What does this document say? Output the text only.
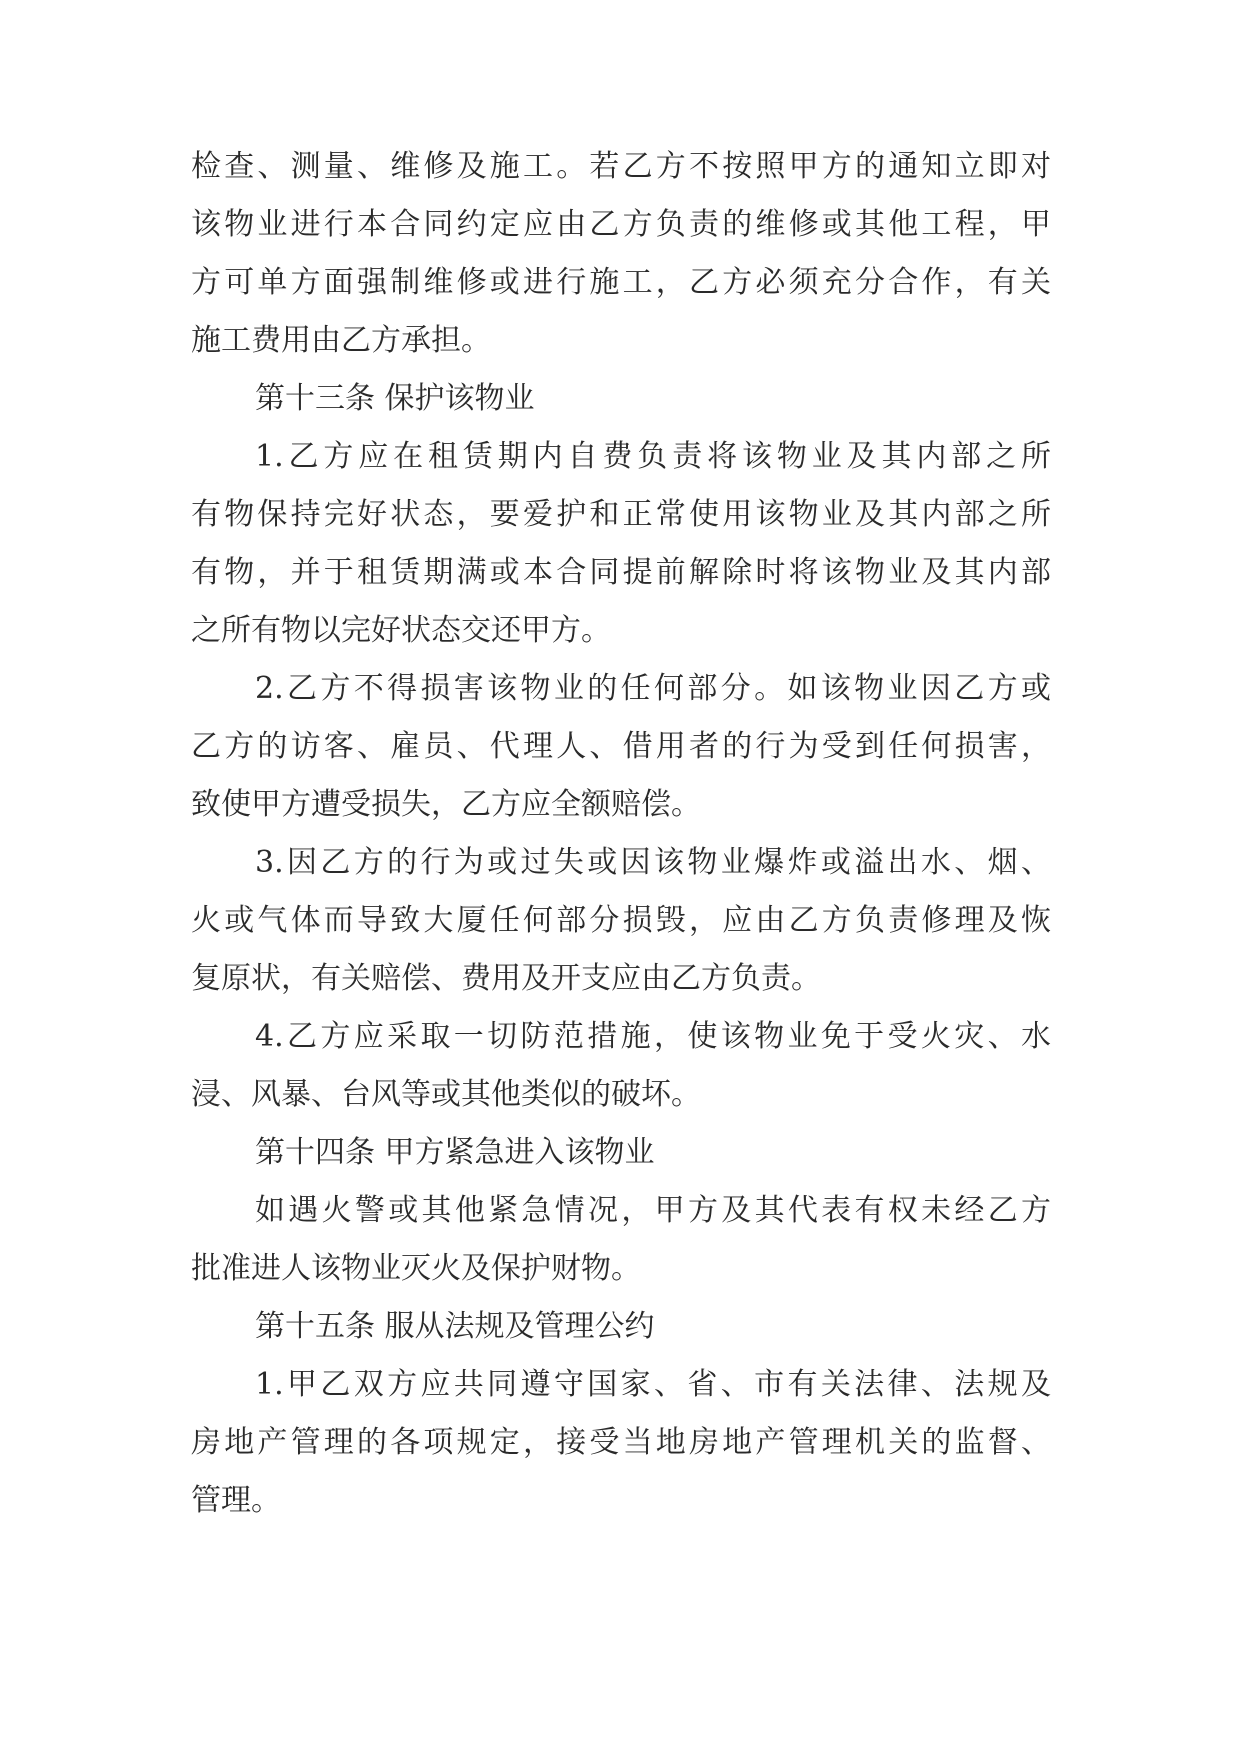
检查、测量、维修及施工。若乙方不按照甲方的通知立即对
该物业进行本合同约定应由乙方负责的维修或其他工程，甲
方可单方面强制维修或进行施工，乙方必须充分合作，有关
施工费用由乙方承担。
第十三条 保护该物业
1.乙方应在租赁期内自费负责将该物业及其内部之所
有物保持完好状态，要爱护和正常使用该物业及其内部之所
有物，并于租赁期满或本合同提前解除时将该物业及其内部
之所有物以完好状态交还甲方。
2.乙方不得损害该物业的任何部分。如该物业因乙方或
乙方的访客、雇员、代理人、借用者的行为受到任何损害，
致使甲方遭受损失，乙方应全额赔偿。
3.因乙方的行为或过失或因该物业爆炸或溢出水、烟、
火或气体而导致大厦任何部分损毁，应由乙方负责修理及恢
复原状，有关赔偿、费用及开支应由乙方负责。
4.乙方应采取一切防范措施，使该物业免于受火灾、水
浸、风暴、台风等或其他类似的破坏。
第十四条 甲方紧急进入该物业
如遇火警或其他紧急情况，甲方及其代表有权未经乙方
批准进人该物业灭火及保护财物。
第十五条 服从法规及管理公约
1.甲乙双方应共同遵守国家、省、市有关法律、法规及
房地产管理的各项规定，接受当地房地产管理机关的监督、
管理。
